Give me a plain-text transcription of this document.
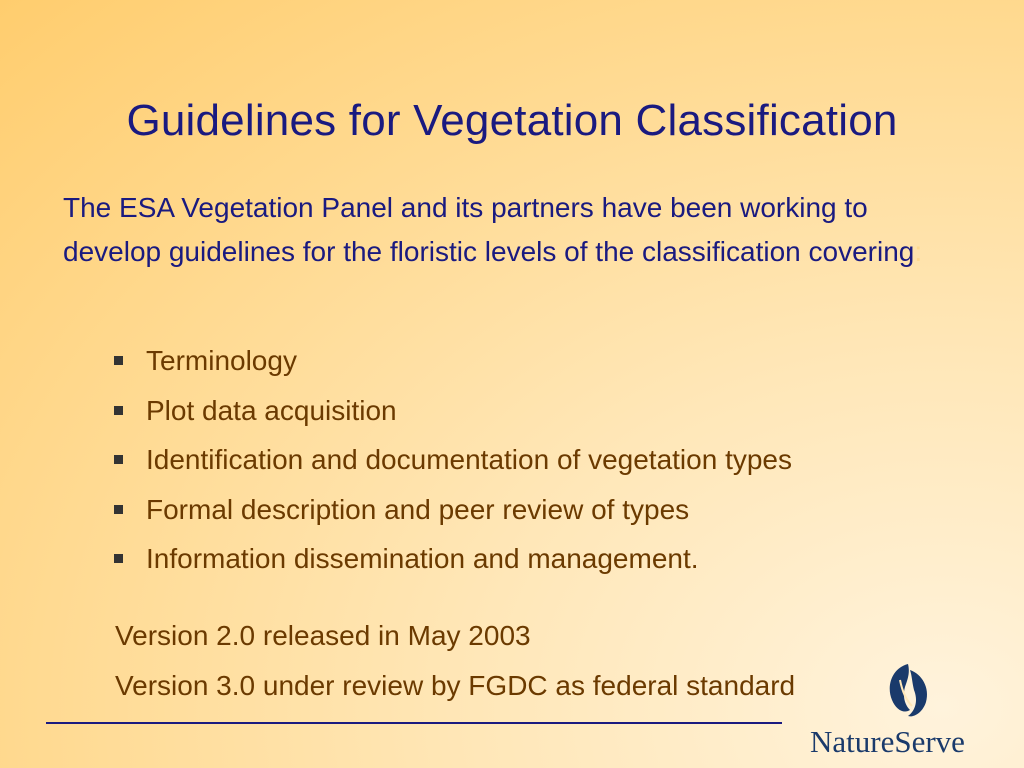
Guidelines for Vegetation Classification

The ESA Vegetation Panel and its partners have been working to develop guidelines for the floristic levels of the classification covering:

Terminology
Plot data acquisition
Identification and documentation of vegetation types
Formal description and peer review of types
Information dissemination and management.

Version 2.0 released in May 2003

Version 3.0 under review by FGDC as federal standard

NatureServe
